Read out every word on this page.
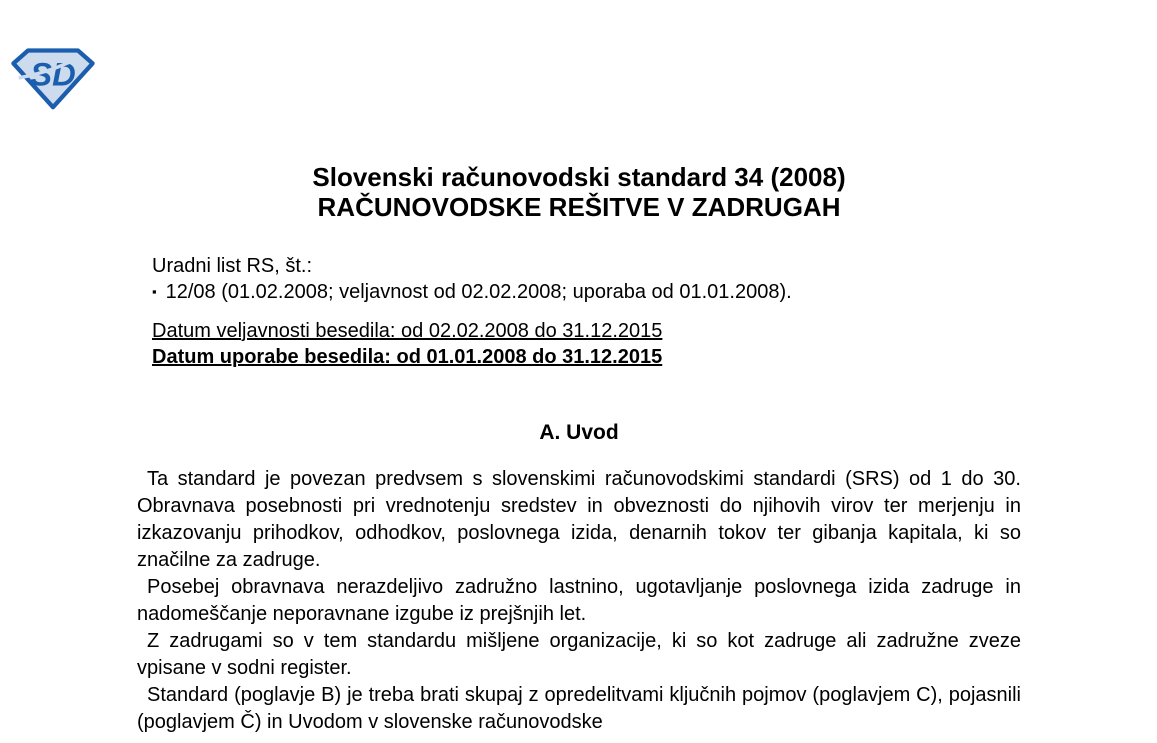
SD
Slovenski računovodski standard 34 (2008)
RAČUNOVODSKE REŠITVE V ZADRUGAH
Uradni list RS, št.:
▪ 12/08 (01.02.2008; veljavnost od 02.02.2008; uporaba od 01.01.2008).
Datum veljavnosti besedila: od 02.02.2008 do 31.12.2015
Datum uporabe besedila: od 01.01.2008 do 31.12.2015
A. Uvod

Ta standard je povezan predvsem s slovenskimi računovodskimi standardi (SRS) od 1 do 30. Obravnava posebnosti pri vrednotenju sredstev in obveznosti do njihovih virov ter merjenju in izkazovanju prihodkov, odhodkov, poslovnega izida, denarnih tokov ter gibanja kapitala, ki so značilne za zadruge.

Posebej obravnava nerazdeljivo zadružno lastnino, ugotavljanje poslovnega izida zadruge in nadomeščanje neporavnane izgube iz prejšnjih let.

Z zadrugami so v tem standardu mišljene organizacije, ki so kot zadruge ali zadružne zveze vpisane v sodni register.

Standard (poglavje B) je treba brati skupaj z opredelitvami ključnih pojmov (poglavjem C), pojasnili (poglavjem Č) in Uvodom v slovenske računovodske
